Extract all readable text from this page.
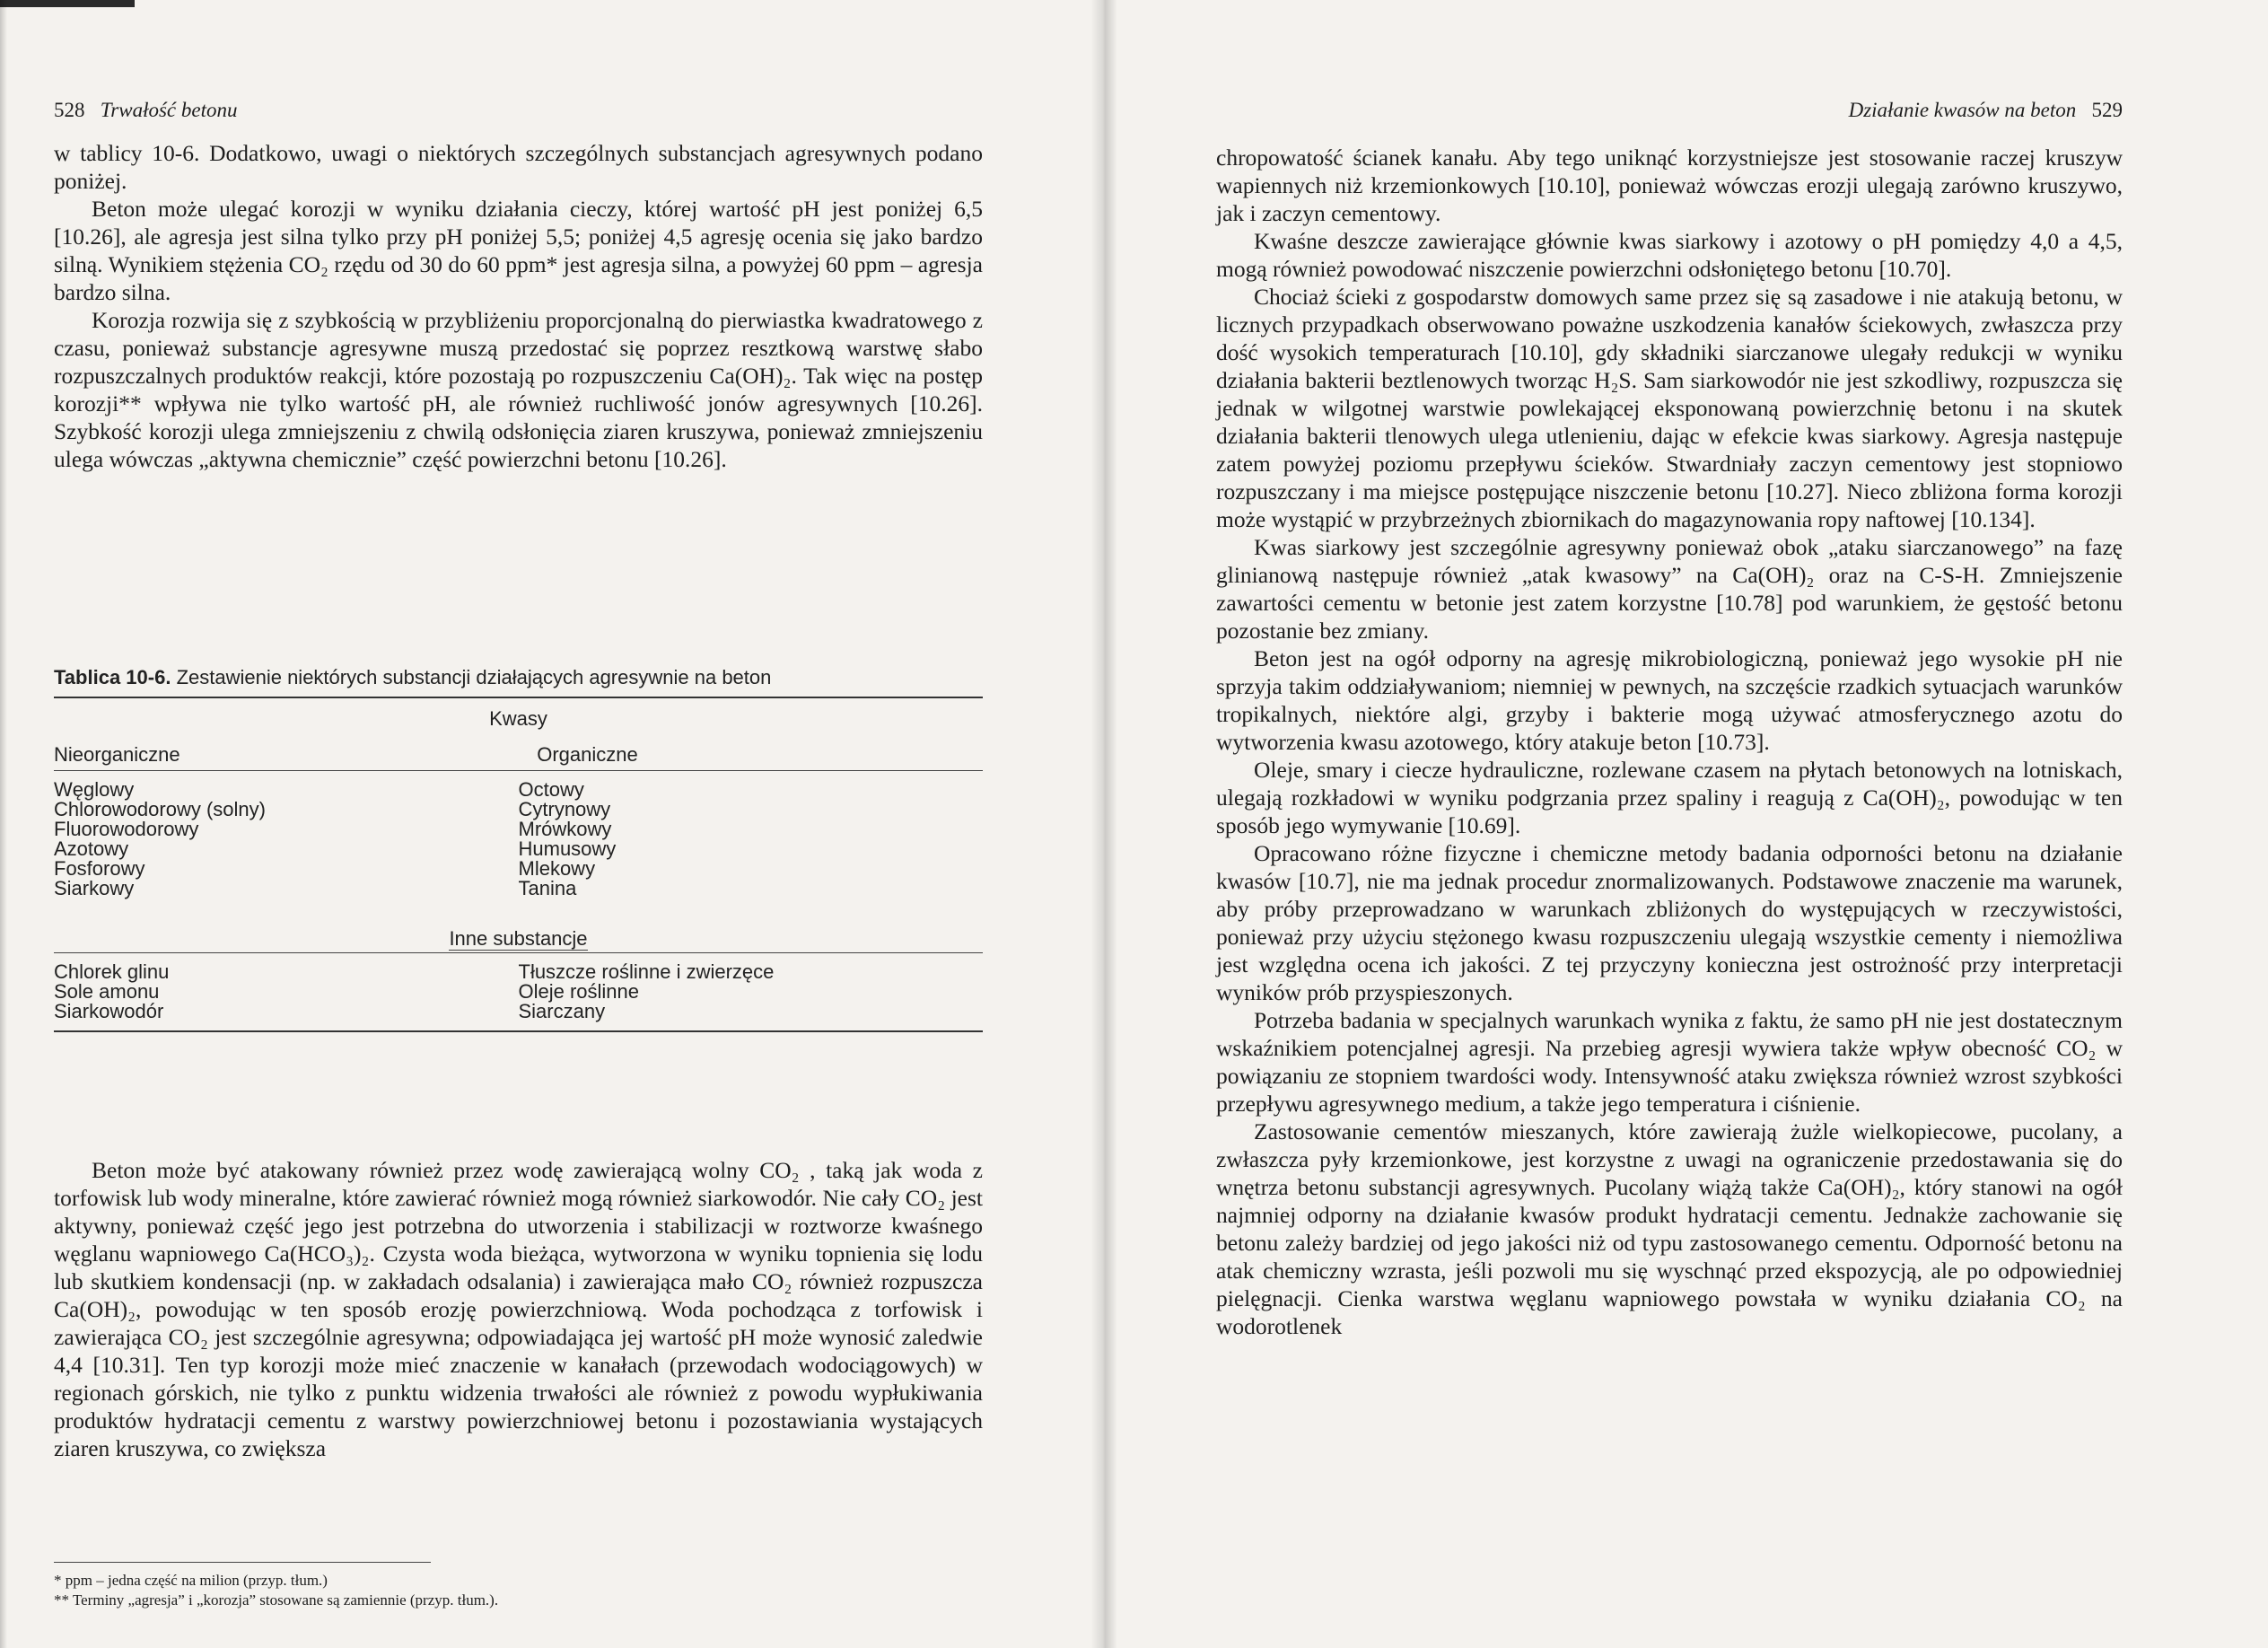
528 Trwałość betonu

w tablicy 10-6. Dodatkowo, uwagi o niektórych szczególnych substancjach agresywnych podano poniżej.

Beton może ulegać korozji w wyniku działania cieczy, której wartość pH jest poniżej 6,5 [10.26], ale agresja jest silna tylko przy pH poniżej 5,5; poniżej 4,5 agresję ocenia się jako bardzo silną. Wynikiem stężenia CO₂ rzędu od 30 do 60 ppm* jest agresja silna, a powyżej 60 ppm – agresja bardzo silna.

Korozja rozwija się z szybkością w przybliżeniu proporcjonalną do pierwiastka kwadratowego z czasu, ponieważ substancje agresywne muszą przedostać się poprzez resztkową warstwę słabo rozpuszczalnych produktów reakcji, które pozostają po rozpuszczeniu Ca(OH)₂. Tak więc na postęp korozji** wpływa nie tylko wartość pH, ale również ruchliwość jonów agresywnych [10.26]. Szybkość korozji ulega zmniejszeniu z chwilą odsłonięcia ziaren kruszywa, ponieważ zmniejszeniu ulega wówczas „aktywna chemicznie” część powierzchni betonu [10.26].

Tablica 10-6. Zestawienie niektórych substancji działających agresywnie na beton
Kwasy
Nieorganiczne	Organiczne
Węglowy
Chlorowodorowy (solny)
Fluorowodorowy
Azotowy
Fosforowy
Siarkowy
Octowy
Cytrynowy
Mrówkowy
Humusowy
Mlekowy
Tanina
Inne substancje
Chlorek glinu
Sole amonu
Siarkowodór
Tłuszcze roślinne i zwierzęce
Oleje roślinne
Siarczany

Beton może być atakowany również przez wodę zawierającą wolny CO₂ , taką jak woda z torfowisk lub wody mineralne, które zawierać również mogą również siarkowodór. Nie cały CO₂ jest aktywny, ponieważ część jego jest potrzebna do utworzenia i stabilizacji w roztworze kwaśnego węglanu wapniowego Ca(HCO₃)₂. Czysta woda bieżąca, wytworzona w wyniku topnienia się lodu lub skutkiem kondensacji (np. w zakładach odsalania) i zawierająca mało CO₂ również rozpuszcza Ca(OH)₂, powodując w ten sposób erozję powierzchniową. Woda pochodząca z torfowisk i zawierająca CO₂ jest szczególnie agresywna; odpowiadająca jej wartość pH może wynosić zaledwie 4,4 [10.31]. Ten typ korozji może mieć znaczenie w kanałach (przewodach wodociągowych) w regionach górskich, nie tylko z punktu widzenia trwałości ale również z powodu wypłukiwania produktów hydratacji cementu z warstwy powierzchniowej betonu i pozostawiania wystających ziaren kruszywa, co zwiększa

* ppm – jedna część na milion (przyp. tłum.)
** Terminy „agresja” i „korozja” stosowane są zamiennie (przyp. tłum.).
Działanie kwasów na beton 529

chropowatość ścianek kanału. Aby tego uniknąć korzystniejsze jest stosowanie raczej kruszyw wapiennych niż krzemionkowych [10.10], ponieważ wówczas erozji ulegają zarówno kruszywo, jak i zaczyn cementowy.

Kwaśne deszcze zawierające głównie kwas siarkowy i azotowy o pH pomiędzy 4,0 a 4,5, mogą również powodować niszczenie powierzchni odsłoniętego betonu [10.70].

Chociaż ścieki z gospodarstw domowych same przez się są zasadowe i nie atakują betonu, w licznych przypadkach obserwowano poważne uszkodzenia kanałów ściekowych, zwłaszcza przy dość wysokich temperaturach [10.10], gdy składniki siarczanowe ulegały redukcji w wyniku działania bakterii beztlenowych tworząc H₂S. Sam siarkowodór nie jest szkodliwy, rozpuszcza się jednak w wilgotnej warstwie powlekającej eksponowaną powierzchnię betonu i na skutek działania bakterii tlenowych ulega utlenieniu, dając w efekcie kwas siarkowy. Agresja następuje zatem powyżej poziomu przepływu ścieków. Stwardniały zaczyn cementowy jest stopniowo rozpuszczany i ma miejsce postępujące niszczenie betonu [10.27]. Nieco zbliżona forma korozji może wystąpić w przybrzeżnych zbiornikach do magazynowania ropy naftowej [10.134].

Kwas siarkowy jest szczególnie agresywny ponieważ obok „ataku siarczanowego” na fazę glinianową następuje również „atak kwasowy” na Ca(OH)₂ oraz na C-S-H. Zmniejszenie zawartości cementu w betonie jest zatem korzystne [10.78] pod warunkiem, że gęstość betonu pozostanie bez zmiany.

Beton jest na ogół odporny na agresję mikrobiologiczną, ponieważ jego wysokie pH nie sprzyja takim oddziaływaniom; niemniej w pewnych, na szczęście rzadkich sytuacjach warunków tropikalnych, niektóre algi, grzyby i bakterie mogą używać atmosferycznego azotu do wytworzenia kwasu azotowego, który atakuje beton [10.73].

Oleje, smary i ciecze hydrauliczne, rozlewane czasem na płytach betonowych na lotniskach, ulegają rozkładowi w wyniku podgrzania przez spaliny i reagują z Ca(OH)₂, powodując w ten sposób jego wymywanie [10.69].

Opracowano różne fizyczne i chemiczne metody badania odporności betonu na działanie kwasów [10.7], nie ma jednak procedur znormalizowanych. Podstawowe znaczenie ma warunek, aby próby przeprowadzano w warunkach zbliżonych do występujących w rzeczywistości, ponieważ przy użyciu stężonego kwasu rozpuszczeniu ulegają wszystkie cementy i niemożliwa jest względna ocena ich jakości. Z tej przyczyny konieczna jest ostrożność przy interpretacji wyników prób przyspieszonych.

Potrzeba badania w specjalnych warunkach wynika z faktu, że samo pH nie jest dostatecznym wskaźnikiem potencjalnej agresji. Na przebieg agresji wywiera także wpływ obecność CO₂ w powiązaniu ze stopniem twardości wody. Intensywność ataku zwiększa również wzrost szybkości przepływu agresywnego medium, a także jego temperatura i ciśnienie.

Zastosowanie cementów mieszanych, które zawierają żużle wielkopiecowe, pucolany, a zwłaszcza pyły krzemionkowe, jest korzystne z uwagi na ograniczenie przedostawania się do wnętrza betonu substancji agresywnych. Pucolany wiążą także Ca(OH)₂, który stanowi na ogół najmniej odporny na działanie kwasów produkt hydratacji cementu. Jednakże zachowanie się betonu zależy bardziej od jego jakości niż od typu zastosowanego cementu. Odporność betonu na atak chemiczny wzrasta, jeśli pozwoli mu się wyschnąć przed ekspozycją, ale po odpowiedniej pielęgnacji. Cienka warstwa węglanu wapniowego powstała w wyniku działania CO₂ na wodorotlenek
